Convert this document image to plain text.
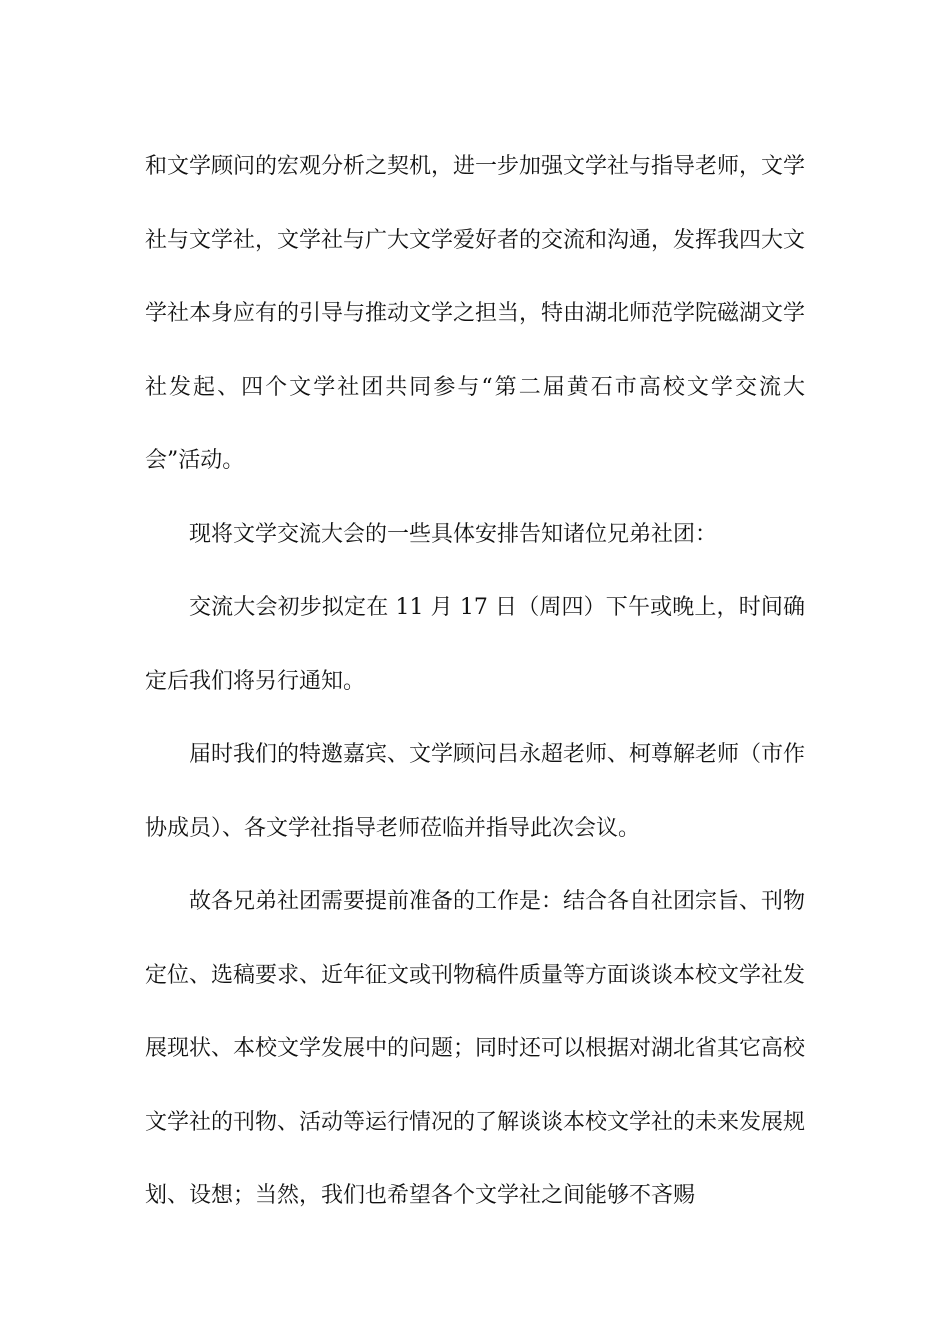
和文学顾问的宏观分析之契机，进一步加强文学社与指导老师，文学社与文学社，文学社与广大文学爱好者的交流和沟通，发挥我四大文学社本身应有的引导与推动文学之担当，特由湖北师范学院磁湖文学社发起、四个文学社团共同参与“第二届黄石市高校文学交流大会”活动。

现将文学交流大会的一些具体安排告知诸位兄弟社团：

交流大会初步拟定在 11 月 17 日（周四）下午或晚上，时间确定后我们将另行通知。

届时我们的特邀嘉宾、文学顾问吕永超老师、柯尊解老师（市作协成员）、各文学社指导老师莅临并指导此次会议。

故各兄弟社团需要提前准备的工作是：结合各自社团宗旨、刊物定位、选稿要求、近年征文或刊物稿件质量等方面谈谈本校文学社发展现状、本校文学发展中的问题；同时还可以根据对湖北省其它高校文学社的刊物、活动等运行情况的了解谈谈本校文学社的未来发展规划、设想；当然，我们也希望各个文学社之间能够不吝赐
